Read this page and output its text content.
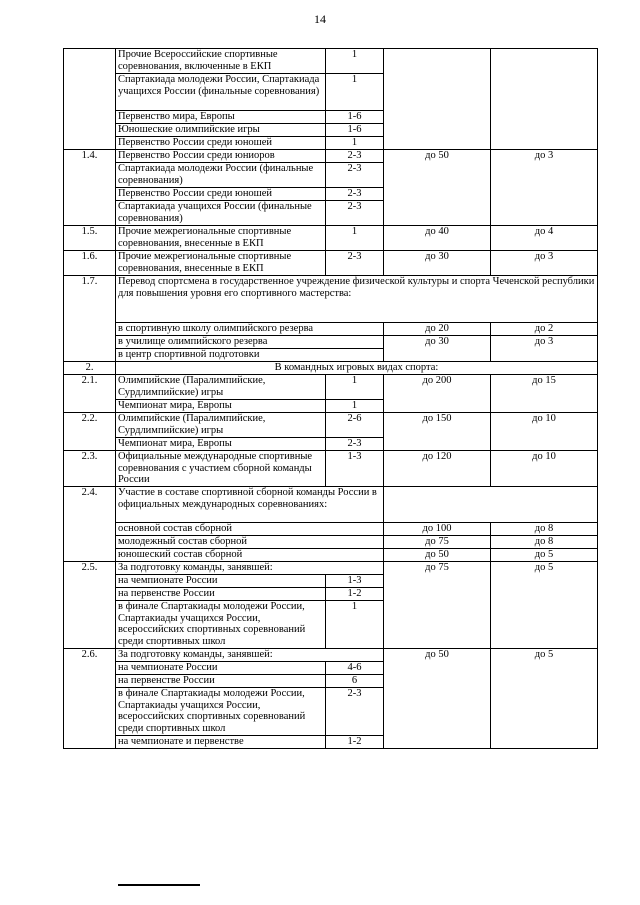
14
	Прочие Всероссийские спортивные соревнования, включенные в ЕКП	1		
	Спартакиада молодежи России, Спартакиада учащихся России (финальные соревнования)	1		
	Первенство мира, Европы	1-6		
	Юношеские олимпийские игры	1-6		
	Первенство России среди юношей	1		
1.4.	Первенство России среди юниоров	2-3	до 50	до 3
	Спартакиада молодежи России (финальные соревнования)	2-3		
	Первенство России среди юношей	2-3		
	Спартакиада учащихся России (финальные соревнования)	2-3		
1.5.	Прочие межрегиональные спортивные соревнования, внесенные в ЕКП	1	до 40	до 4
1.6.	Прочие межрегиональные спортивные соревнования, внесенные в ЕКП	2-3	до 30	до 3
1.7.	Перевод спортсмена в государственное учреждение физической культуры и спорта Чеченской республики для повышения уровня его спортивного мастерства:			
	в спортивную школу олимпийского резерва		до 20	до 2
	в училище олимпийского резерва		до 30	до 3
	в центр спортивной подготовки			
2.	В командных игровых видах спорта:			
2.1.	Олимпийские (Паралимпийские, Сурдлимпийские) игры	1	до 200	до 15
	Чемпионат мира, Европы	1		
2.2.	Олимпийские (Паралимпийские, Сурдлимпийские) игры	2-6	до 150	до 10
	Чемпионат мира, Европы	2-3		
2.3.	Официальные международные спортивные соревнования с участием сборной команды России	1-3	до 120	до 10
2.4.	Участие в составе спортивной сборной команды России в официальных международных соревнованиях:			
	основной состав сборной		до 100	до 8
	молодежный состав сборной		до 75	до 8
	юношеский состав сборной		до 50	до 5
2.5.	За подготовку команды, занявшей:		до 75	до 5
	на чемпионате России	1-3		
	на первенстве России	1-2		
	в финале Спартакиады молодежи России, Спартакиады учащихся России, всероссийских спортивных соревнований среди спортивных школ	1		
2.6.	За подготовку команды, занявшей:		до 50	до 5
	на чемпионате России	4-6		
	на первенстве России	6		
	в финале Спартакиады молодежи России, Спартакиады учащихся России, всероссийских спортивных соревнований среди спортивных школ	2-3		
	на чемпионате и первенстве	1-2		
